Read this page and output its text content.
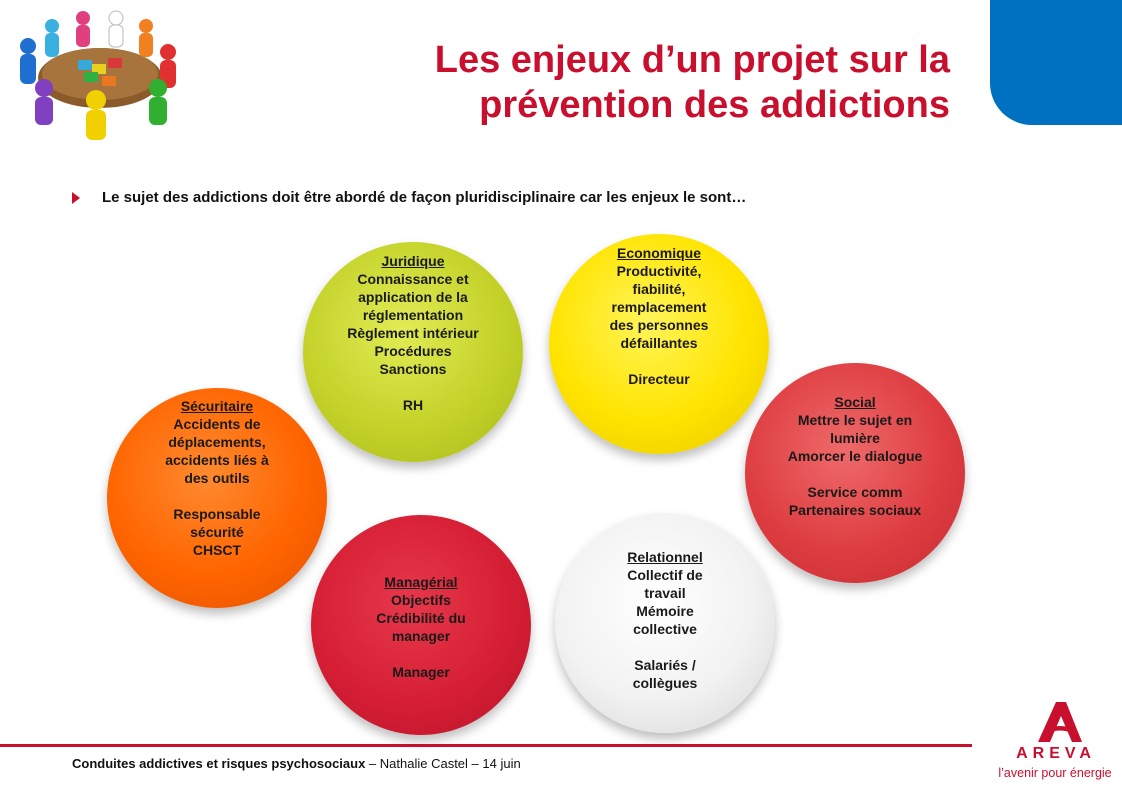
Les enjeux d’un projet sur la
prévention des addictions
Le sujet des addictions doit être abordé de façon pluridisciplinaire car les enjeux le sont…
Juridique
Connaissance et
application de la
réglementation
Règlement intérieur
Procédures
Sanctions
RH
Economique
Productivité,
fiabilité,
remplacement
des personnes
défaillantes
Directeur
Sécuritaire
Accidents de
déplacements,
accidents liés à
des outils
Responsable
sécurité
CHSCT
Social
Mettre le sujet en
lumière
Amorcer le dialogue
Service comm
Partenaires sociaux
Managérial
Objectifs
Crédibilité du
manager
Manager
Relationnel
Collectif de
travail
Mémoire
collective
Salariés /
collègues
Conduites addictives et risques psychosociaux – Nathalie Castel – 14 juin
AREVA
l’avenir pour énergie
